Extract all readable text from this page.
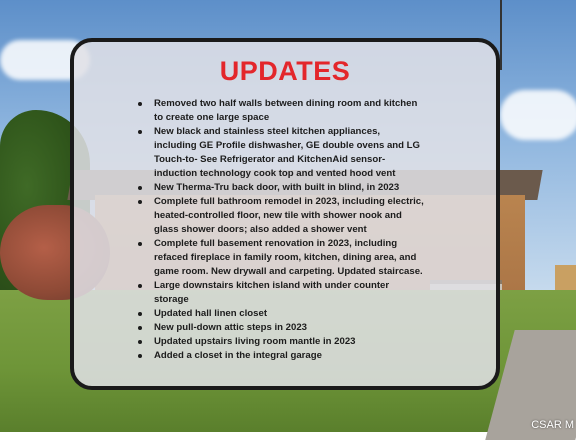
CSAR M
UPDATES
Removed two half walls between dining room and kitchen to create one large space
New black and stainless steel kitchen appliances, including GE Profile dishwasher, GE double ovens and LG Touch-to- See Refrigerator and KitchenAid sensor-induction technology cook top and vented hood vent
New Therma-Tru back door, with built in blind, in 2023
Complete full bathroom remodel in 2023, including electric, heated-controlled floor, new tile with shower nook and glass shower doors; also added a shower vent
Complete full basement renovation in 2023, including refaced fireplace in family room, kitchen, dining area, and game room. New drywall and carpeting. Updated staircase.
Large downstairs kitchen island with under counter storage
Updated hall linen closet
New pull-down attic steps in 2023
Updated upstairs living room mantle in 2023
Added a closet in the integral garage
